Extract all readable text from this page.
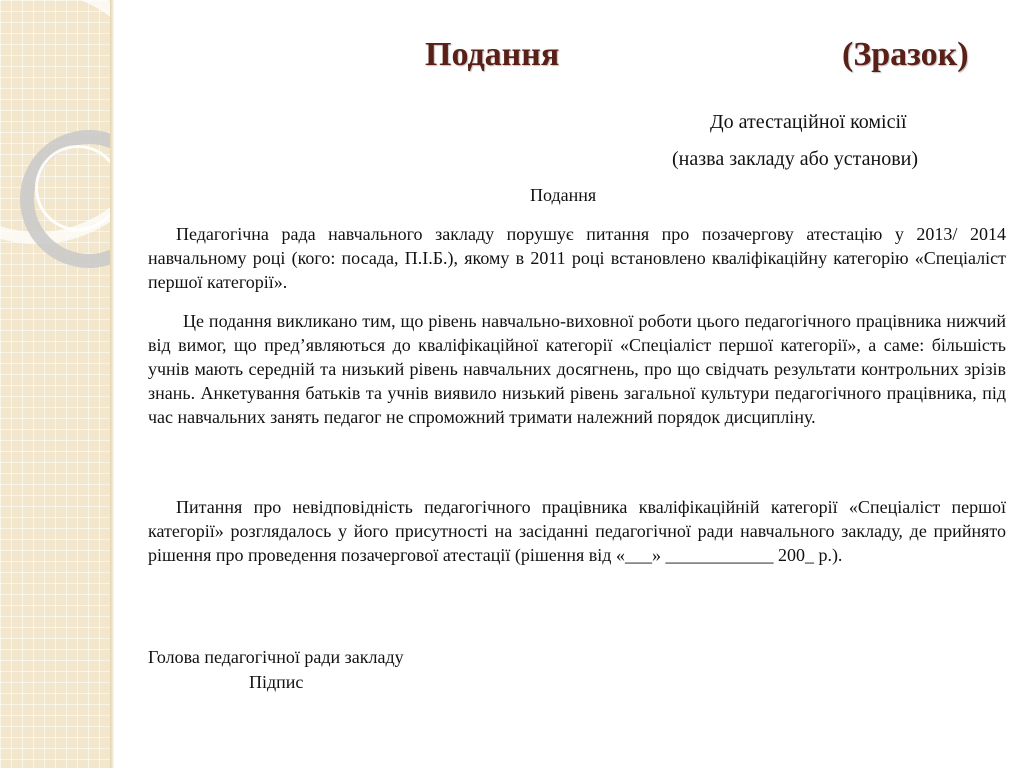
Подання	(Зразок)
До атестаційної комісії
(назва закладу або установи)
Подання

Педагогічна рада навчального закладу порушує питання про позачергову атестацію у 2013/ 2014 навчальному році (кого: посада, П.І.Б.), якому в 2011 році встановлено кваліфікаційну категорію «Спеціаліст першої категорії».

Це подання викликано тим, що рівень навчально-виховної роботи цього педагогічного працівника нижчий від вимог, що пред’являються до кваліфікаційної категорії «Спеціаліст першої категорії», а саме: більшість учнів мають середній та низький рівень навчальних досягнень, про що свідчать результати контрольних зрізів знань. Анкетування батьків та учнів виявило низький рівень загальної культури педагогічного працівника, під час навчальних занять педагог не спроможний тримати належний порядок дисципліну.

Питання про невідповідність педагогічного працівника кваліфікаційній категорії «Спеціаліст першої категорії» розглядалось у його присутності на засіданні педагогічної ради навчального закладу, де прийнято рішення про проведення позачергової атестації (рішення від «___» ____________ 200_ р.).

Голова педагогічної ради закладу
Підпис
